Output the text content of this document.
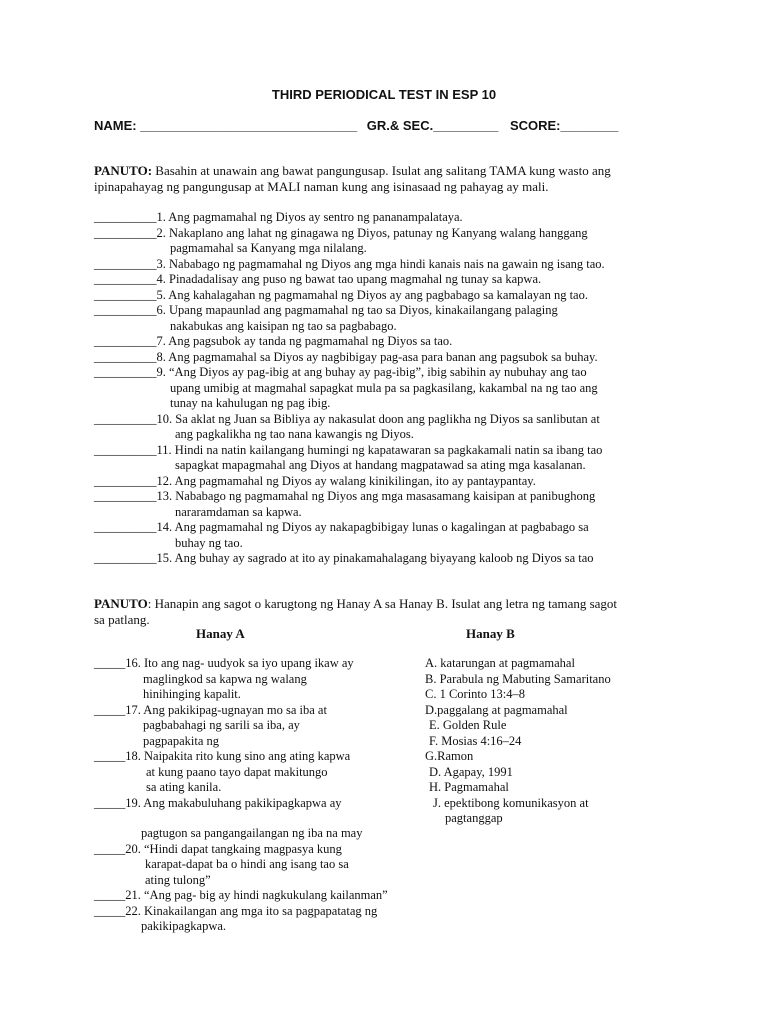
THIRD PERIODICAL TEST IN ESP 10
NAME: ______________________________ GR.& SEC._________ SCORE:________
PANUTO: Basahin at unawain ang bawat pangungusap. Isulat ang salitang TAMA kung wasto ang
ipinapahayag ng pangungusap at MALI naman kung ang isinasaad ng pahayag ay mali.
__________1. Ang pagmamahal ng Diyos ay sentro ng pananampalataya.
__________2. Nakaplano ang lahat ng ginagawa ng Diyos, patunay ng Kanyang walang hanggang
pagmamahal sa Kanyang mga nilalang.
__________3. Nababago ng pagmamahal ng Diyos ang mga hindi kanais nais na gawain ng isang tao.
__________4. Pinadadalisay ang puso ng bawat tao upang magmahal ng tunay sa kapwa.
__________5. Ang kahalagahan ng pagmamahal ng Diyos ay ang pagbabago sa kamalayan ng tao.
__________6. Upang mapaunlad ang pagmamahal ng tao sa Diyos, kinakailangang palaging
nakabukas ang kaisipan ng tao sa pagbabago.
__________7. Ang pagsubok ay tanda ng pagmamahal ng Diyos sa tao.
__________8. Ang pagmamahal sa Diyos ay nagbibigay pag-asa para banan ang pagsubok sa buhay.
__________9. “Ang Diyos ay pag-ibig at ang buhay ay pag-ibig”, ibig sabihin ay nubuhay ang tao
upang umibig at magmahal sapagkat mula pa sa pagkasilang, kakambal na ng tao ang
tunay na kahulugan ng pag ibig.
__________10. Sa aklat ng Juan sa Bibliya ay nakasulat doon ang paglikha ng Diyos sa sanlibutan at
ang pagkalikha ng tao nana kawangis ng Diyos.
__________11. Hindi na natin kailangang humingi ng kapatawaran sa pagkakamali natin sa ibang tao
sapagkat mapagmahal ang Diyos at handang magpatawad sa ating mga kasalanan.
__________12. Ang pagmamahal ng Diyos ay walang kinikilingan, ito ay pantaypantay.
__________13. Nababago ng pagmamahal ng Diyos ang mga masasamang kaisipan at panibughong
nararamdaman sa kapwa.
__________14. Ang pagmamahal ng Diyos ay nakapagbibigay lunas o kagalingan at pagbabago sa
buhay ng tao.
__________15. Ang buhay ay sagrado at ito ay pinakamahalagang biyayang kaloob ng Diyos sa tao
PANUTO: Hanapin ang sagot o karugtong ng Hanay A sa Hanay B. Isulat ang letra ng tamang sagot
sa patlang.
Hanay A	Hanay B
_____16. Ito ang nag- uudyok sa iyo upang ikaw ay
maglingkod sa kapwa ng walang
hinihinging kapalit.
_____17. Ang pakikipag-ugnayan mo sa iba at
pagbabahagi ng sarili sa iba, ay
pagpapakita ng
_____18. Naipakita rito kung sino ang ating kapwa
at kung paano tayo dapat makitungo
sa ating kanila.
_____19. Ang makabuluhang pakikipagkapwa ay
pagtugon sa pangangailangan ng iba na may
_____20. “Hindi dapat tangkaing magpasya kung
karapat-dapat ba o hindi ang isang tao sa
ating tulong”
_____21. “Ang pag- big ay hindi nagkukulang kailanman”
_____22. Kinakailangan ang mga ito sa pagpapatatag ng
pakikipagkapwa.
A. katarungan at pagmamahal
B. Parabula ng Mabuting Samaritano
C. 1 Corinto 13:4–8
D.paggalang at pagmamahal
E. Golden Rule
F. Mosias 4:16–24
G.Ramon
D. Agapay, 1991
H. Pagmamahal
J. epektibong komunikasyon at
pagtanggap
